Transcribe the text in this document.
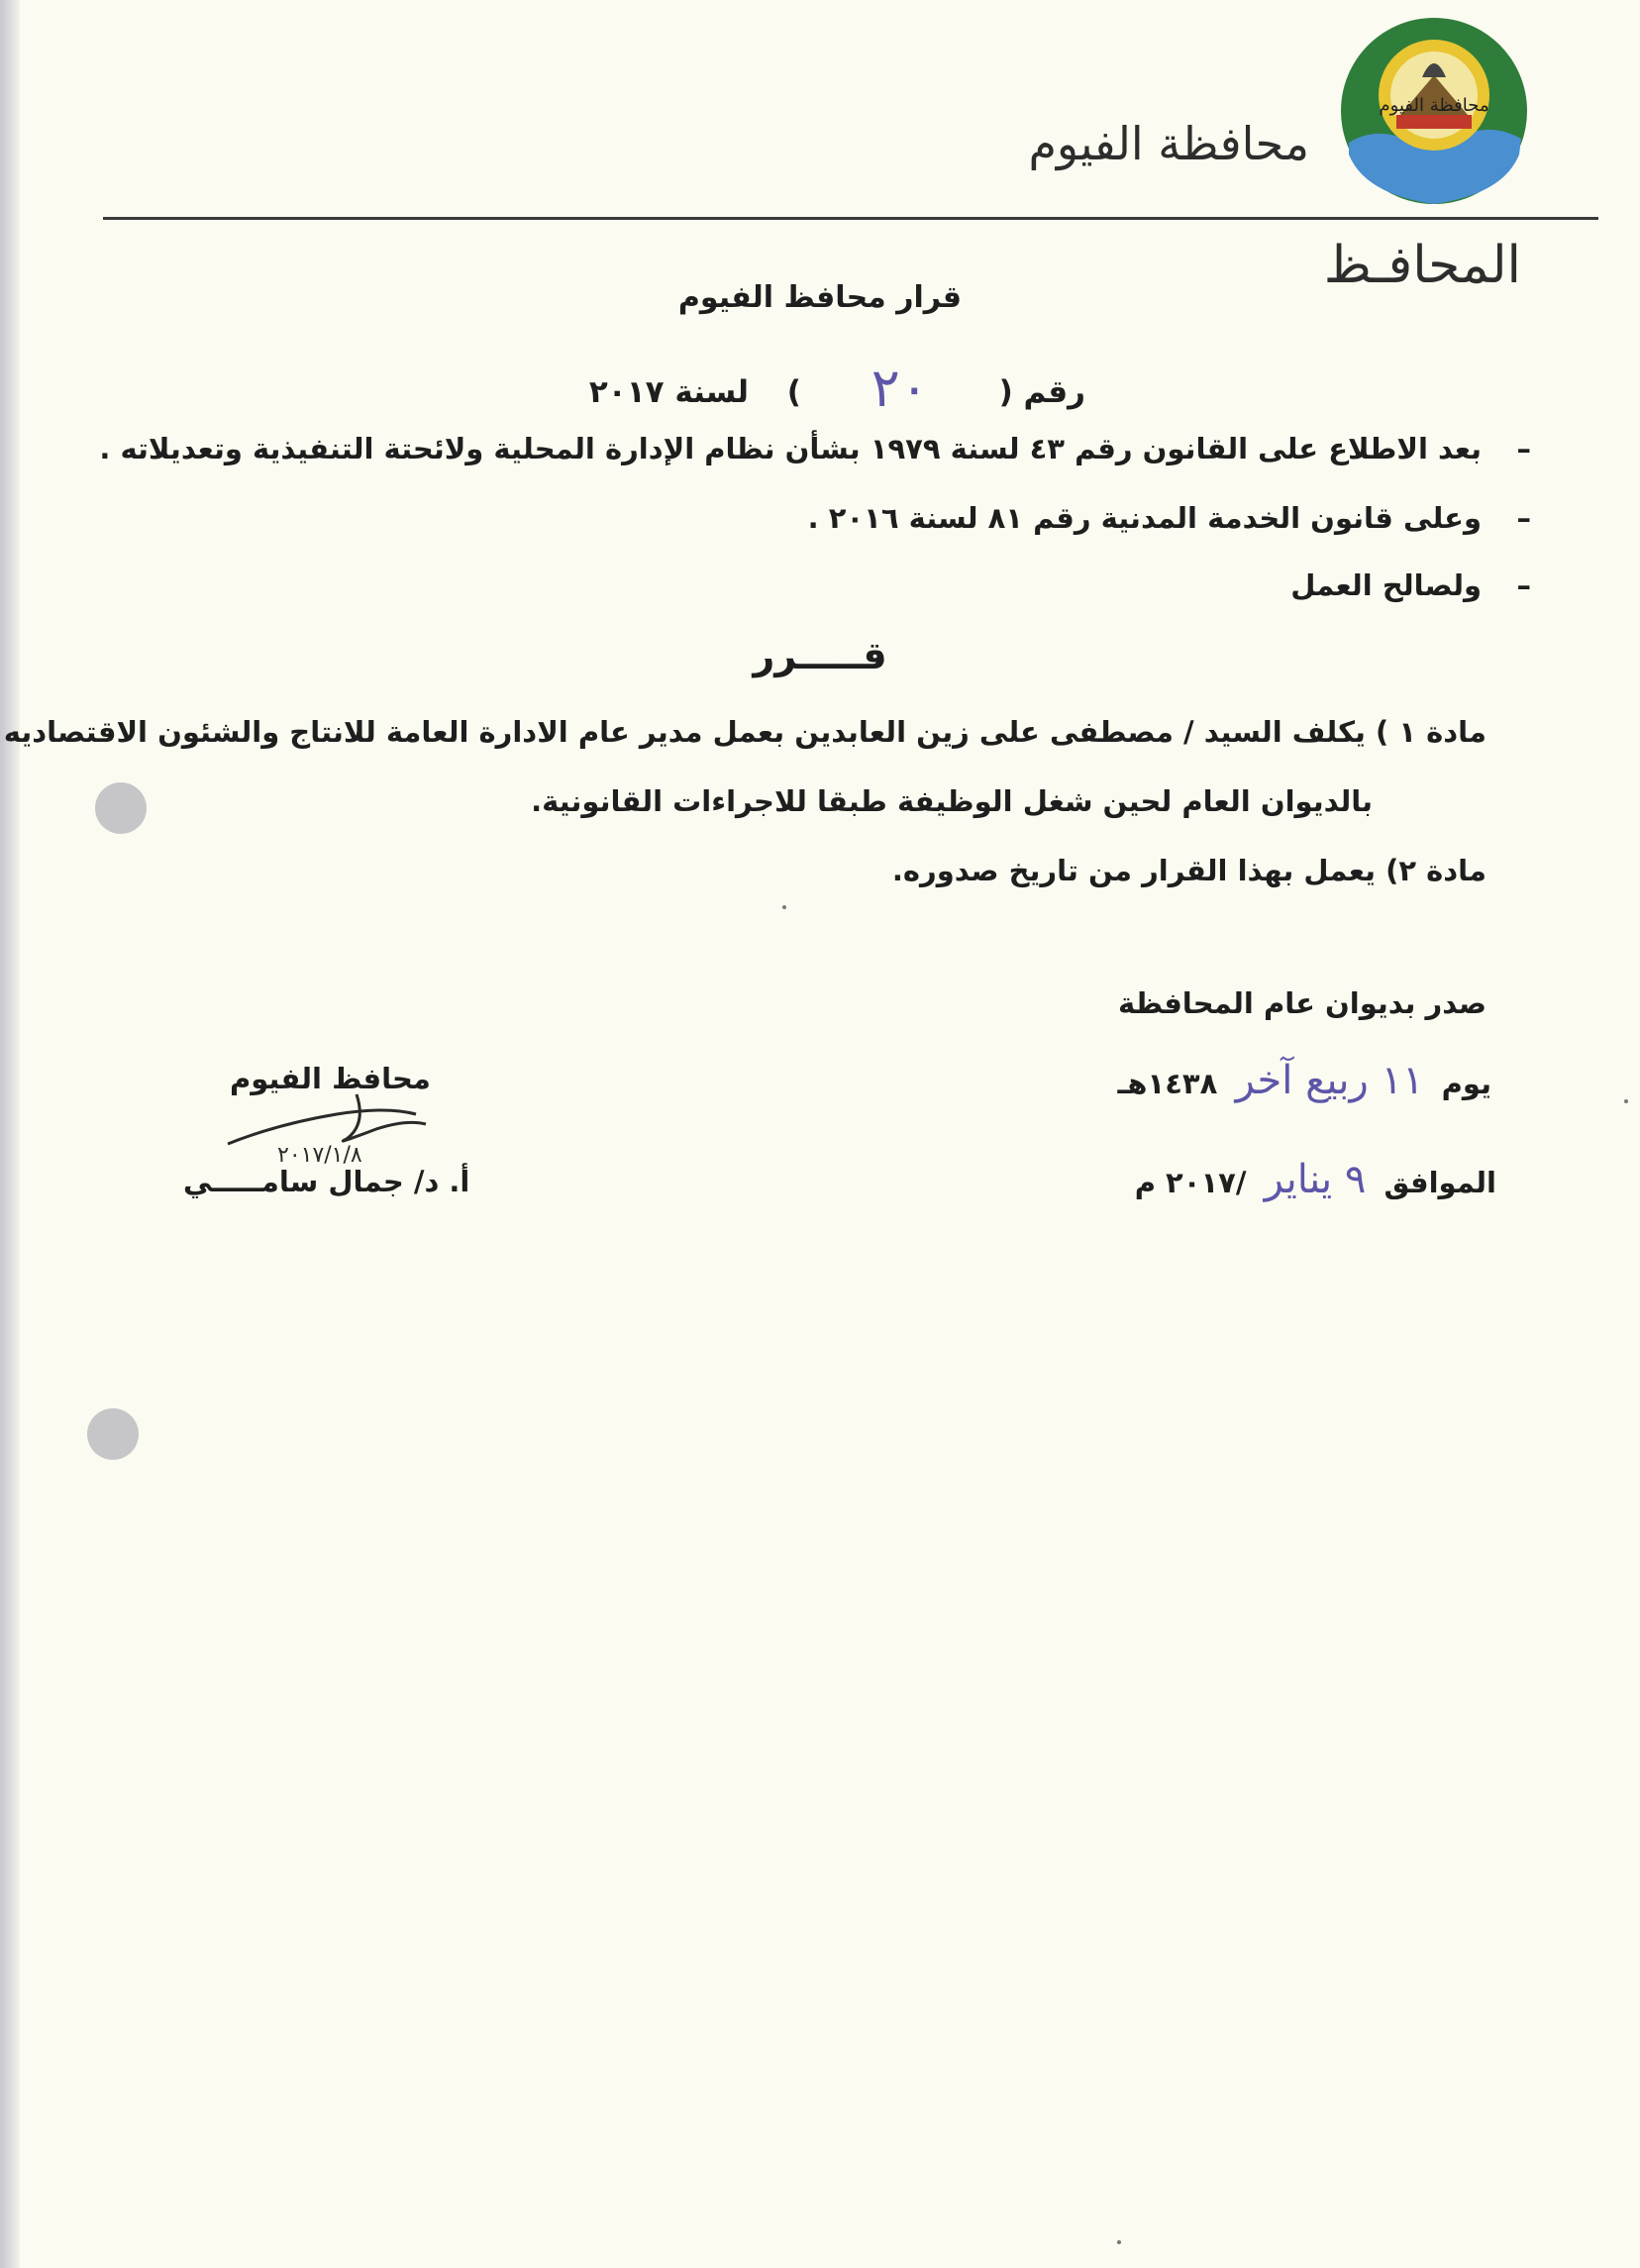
محافظة الفيوم
محافظة الفيوم
المحافـظ
قرار محافظ الفيوم
رقم ( ٢٠ ) لسنة ٢٠١٧
–بعد الاطلاع على القانون رقم ٤٣ لسنة ١٩٧٩ بشأن نظام الإدارة المحلية ولائحتة التنفيذية وتعديلاته .
–وعلى قانون الخدمة المدنية رقم ٨١ لسنة ٢٠١٦ .
–ولصالح العمل
قـــــرر
مادة ١ ) يكلف السيد / مصطفى على زين العابدين بعمل مدير عام الادارة العامة للانتاج والشئون الاقتصاديه
بالديوان العام لحين شغل الوظيفة طبقا للاجراءات القانونية.
مادة ٢) يعمل بهذا القرار من تاريخ صدوره.
صدر بديوان عام المحافظة
يوم ١١ ربيع آخر ١٤٣٨هـ
الموافق ٩ يناير /٢٠١٧ م
محافظ الفيوم
٢٠١٧/١/٨
أ. د/ جمال سامـــــي
